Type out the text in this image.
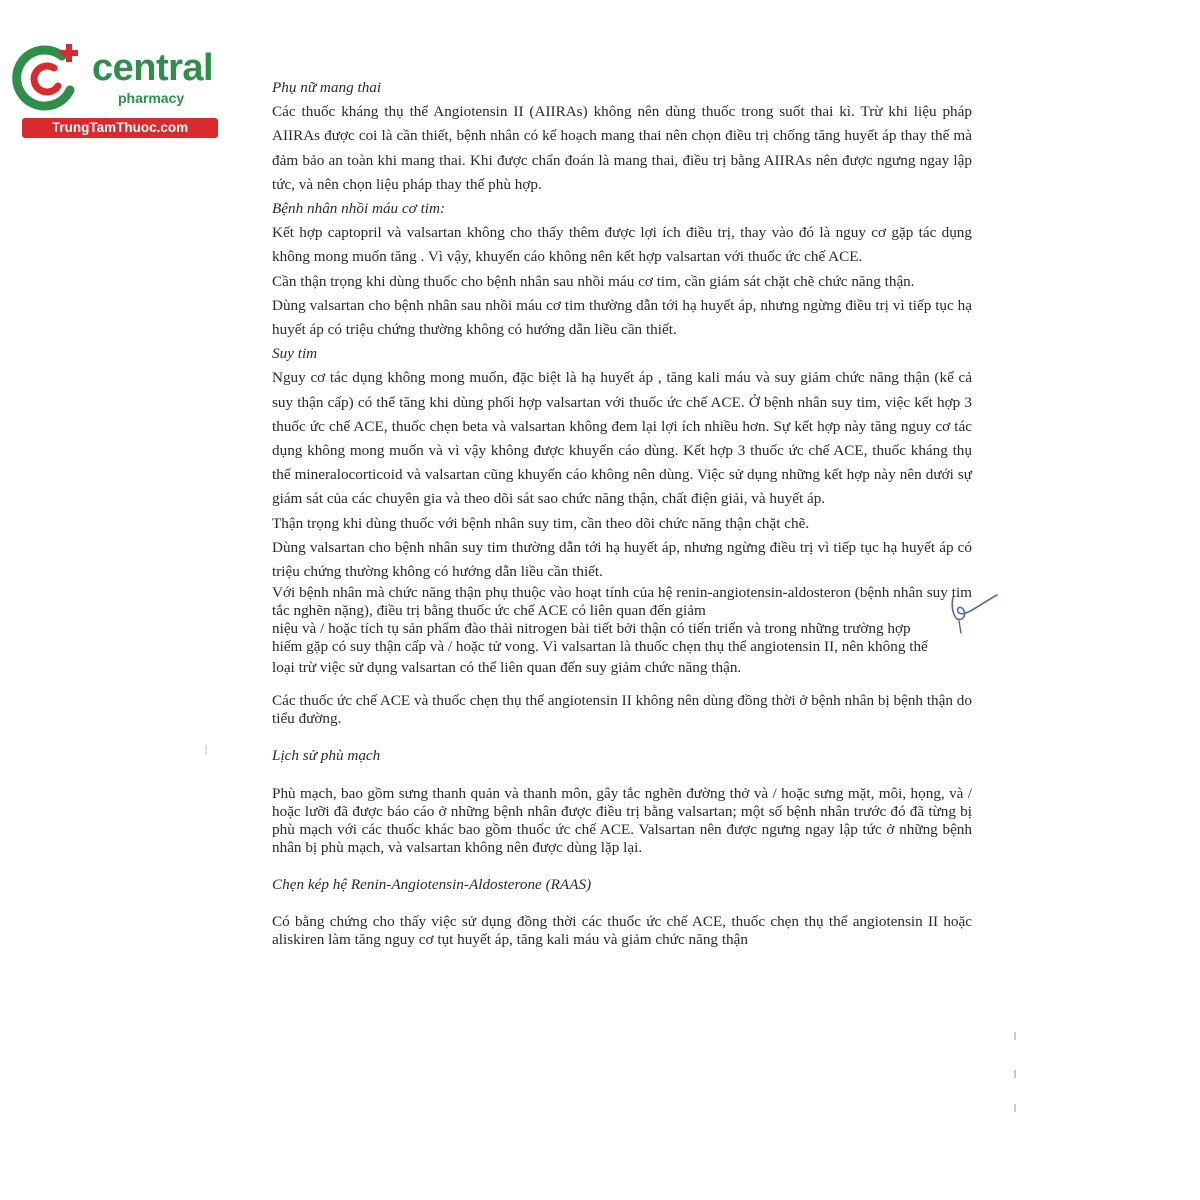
central
pharmacy
TrungTamThuoc.com
Phụ nữ mang thai

Các thuốc kháng thụ thể Angiotensin II (AIIRAs) không nên dùng thuốc trong suốt thai kì. Trừ khi liệu pháp AIIRAs được coi là cần thiết, bệnh nhân có kế hoạch mang thai nên chọn điều trị chống tăng huyết áp thay thế mà đảm bảo an toàn khi mang thai. Khi được chẩn đoán là mang thai, điều trị bằng AIIRAs nên được ngưng ngay lập tức, và nên chọn liệu pháp thay thế phù hợp.

Bệnh nhân nhồi máu cơ tim:

Kết hợp captopril và valsartan không cho thấy thêm được lợi ích điều trị, thay vào đó là nguy cơ gặp tác dụng không mong muốn tăng . Vì vậy, khuyến cáo không nên kết hợp valsartan với thuốc ức chế ACE.

Cần thận trọng khi dùng thuốc cho bệnh nhân sau nhồi máu cơ tim, cần giám sát chặt chẽ chức năng thận.

Dùng valsartan cho bệnh nhân sau nhồi máu cơ tim thường dẫn tới hạ huyết áp, nhưng ngừng điều trị vì tiếp tục hạ huyết áp có triệu chứng thường không có hướng dẫn liều cần thiết.

Suy tim

Nguy cơ tác dụng không mong muốn, đặc biệt là hạ huyết áp , tăng kali máu và suy giảm chức năng thận (kể cả suy thận cấp) có thể tăng khi dùng phối hợp valsartan với thuốc ức chế ACE. Ở bệnh nhân suy tim, việc kết hợp 3 thuốc ức chế ACE, thuốc chẹn beta và valsartan không đem lại lợi ích nhiều hơn. Sự kết hợp này tăng nguy cơ tác dụng không mong muốn và vì vậy không được khuyến cáo dùng. Kết hợp 3 thuốc ức chế ACE, thuốc kháng thụ thể mineralocorticoid và valsartan cũng khuyến cáo không nên dùng. Việc sử dụng những kết hợp này nên dưới sự giám sát của các chuyên gia và theo dõi sát sao chức năng thận, chất điện giải, và huyết áp.

Thận trọng khi dùng thuốc với bệnh nhân suy tim, cần theo dõi chức năng thận chặt chẽ.

Dùng valsartan cho bệnh nhân suy tim thường dẫn tới hạ huyết áp, nhưng ngừng điều trị vì tiếp tục hạ huyết áp có triệu chứng thường không có hướng dẫn liều cần thiết.

Với bệnh nhân mà chức năng thận phụ thuộc vào hoạt tính của hệ renin-angiotensin-aldosteron (bệnh nhân suy tim tắc nghẽn nặng), điều trị bằng thuốc ức chế ACE có liên quan đến giảm

niệu và / hoặc tích tụ sản phẩm đào thải nitrogen bài tiết bởi thận có tiến triển và trong những trường hợp

hiếm gặp có suy thận cấp và / hoặc tử vong. Vì valsartan là thuốc chẹn thụ thể angiotensin II, nên không thể

loại trừ việc sử dụng valsartan có thể liên quan đến suy giảm chức năng thận.

Các thuốc ức chế ACE và thuốc chẹn thụ thể angiotensin II không nên dùng đồng thời ở bệnh nhân bị bệnh thận do tiểu đường.

Lịch sử phù mạch

Phù mạch, bao gồm sưng thanh quản và thanh môn, gây tắc nghẽn đường thở và / hoặc sưng mặt, môi, họng, và / hoặc lưỡi đã được báo cáo ở những bệnh nhân được điều trị bằng valsartan; một số bệnh nhân trước đó đã từng bị phù mạch với các thuốc khác bao gồm thuốc ức chế ACE. Valsartan nên được ngưng ngay lập tức ở những bệnh nhân bị phù mạch, và valsartan không nên được dùng lặp lại.

Chẹn kép hệ Renin-Angiotensin-Aldosterone (RAAS)

Có bằng chứng cho thấy việc sử dụng đồng thời các thuốc ức chế ACE, thuốc chẹn thụ thể angiotensin II hoặc aliskiren làm tăng nguy cơ tụt huyết áp, tăng kali máu và giảm chức năng thận
